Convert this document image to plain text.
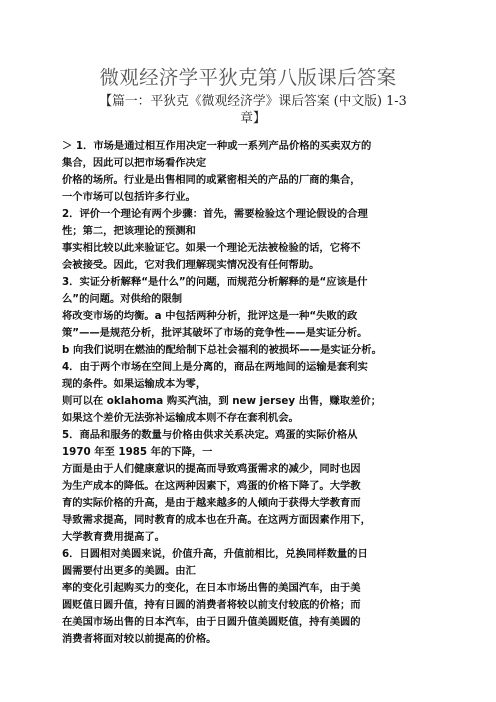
微观经济学平狄克第八版课后答案
【篇一：平狄克《微观经济学》课后答案 (中文版) 1-3
章】

＞ 1．市场是通过相互作用决定一种或一系列产品价格的买卖双方的

集合，因此可以把市场看作决定

价格的场所。行业是出售相同的或紧密相关的产品的厂商的集合，

一个市场可以包括许多行业。

2．评价一个理论有两个步骤：首先，需要检验这个理论假设的合理

性；第二，把该理论的预测和

事实相比较以此来验证它。如果一个理论无法被检验的话，它将不

会被接受。因此，它对我们理解现实情况没有任何帮助。

3．实证分析解释“是什么”的问题，而规范分析解释的是“应该是什

么”的问题。对供给的限制

将改变市场的均衡。a 中包括两种分析，批评这是一种“失败的政

策”——是规范分析，批评其破坏了市场的竞争性——是实证分析。

b 向我们说明在燃油的配给制下总社会福利的被损坏——是实证分析。

4．由于两个市场在空间上是分离的，商品在两地间的运输是套利实

现的条件。如果运输成本为零，

则可以在 oklahoma 购买汽油，到 new jersey 出售，赚取差价；

如果这个差价无法弥补运输成本则不存在套利机会。

5．商品和服务的数量与价格由供求关系决定。鸡蛋的实际价格从

1970 年至 1985 年的下降，一

方面是由于人们健康意识的提高而导致鸡蛋需求的减少，同时也因

为生产成本的降低。在这两种因素下，鸡蛋的价格下降了。大学教

育的实际价格的升高，是由于越来越多的人倾向于获得大学教育而

导致需求提高，同时教育的成本也在升高。在这两方面因素作用下，

大学教育费用提高了。

6．日圆相对美圆来说，价值升高，升值前相比，兑换同样数量的日

圆需要付出更多的美圆。由汇

率的变化引起购买力的变化，在日本市场出售的美国汽车，由于美

圆贬值日圆升值，持有日圆的消费者将较以前支付较底的价格；而

在美国市场出售的日本汽车，由于日圆升值美圆贬值，持有美圆的

消费者将面对较以前提高的价格。
